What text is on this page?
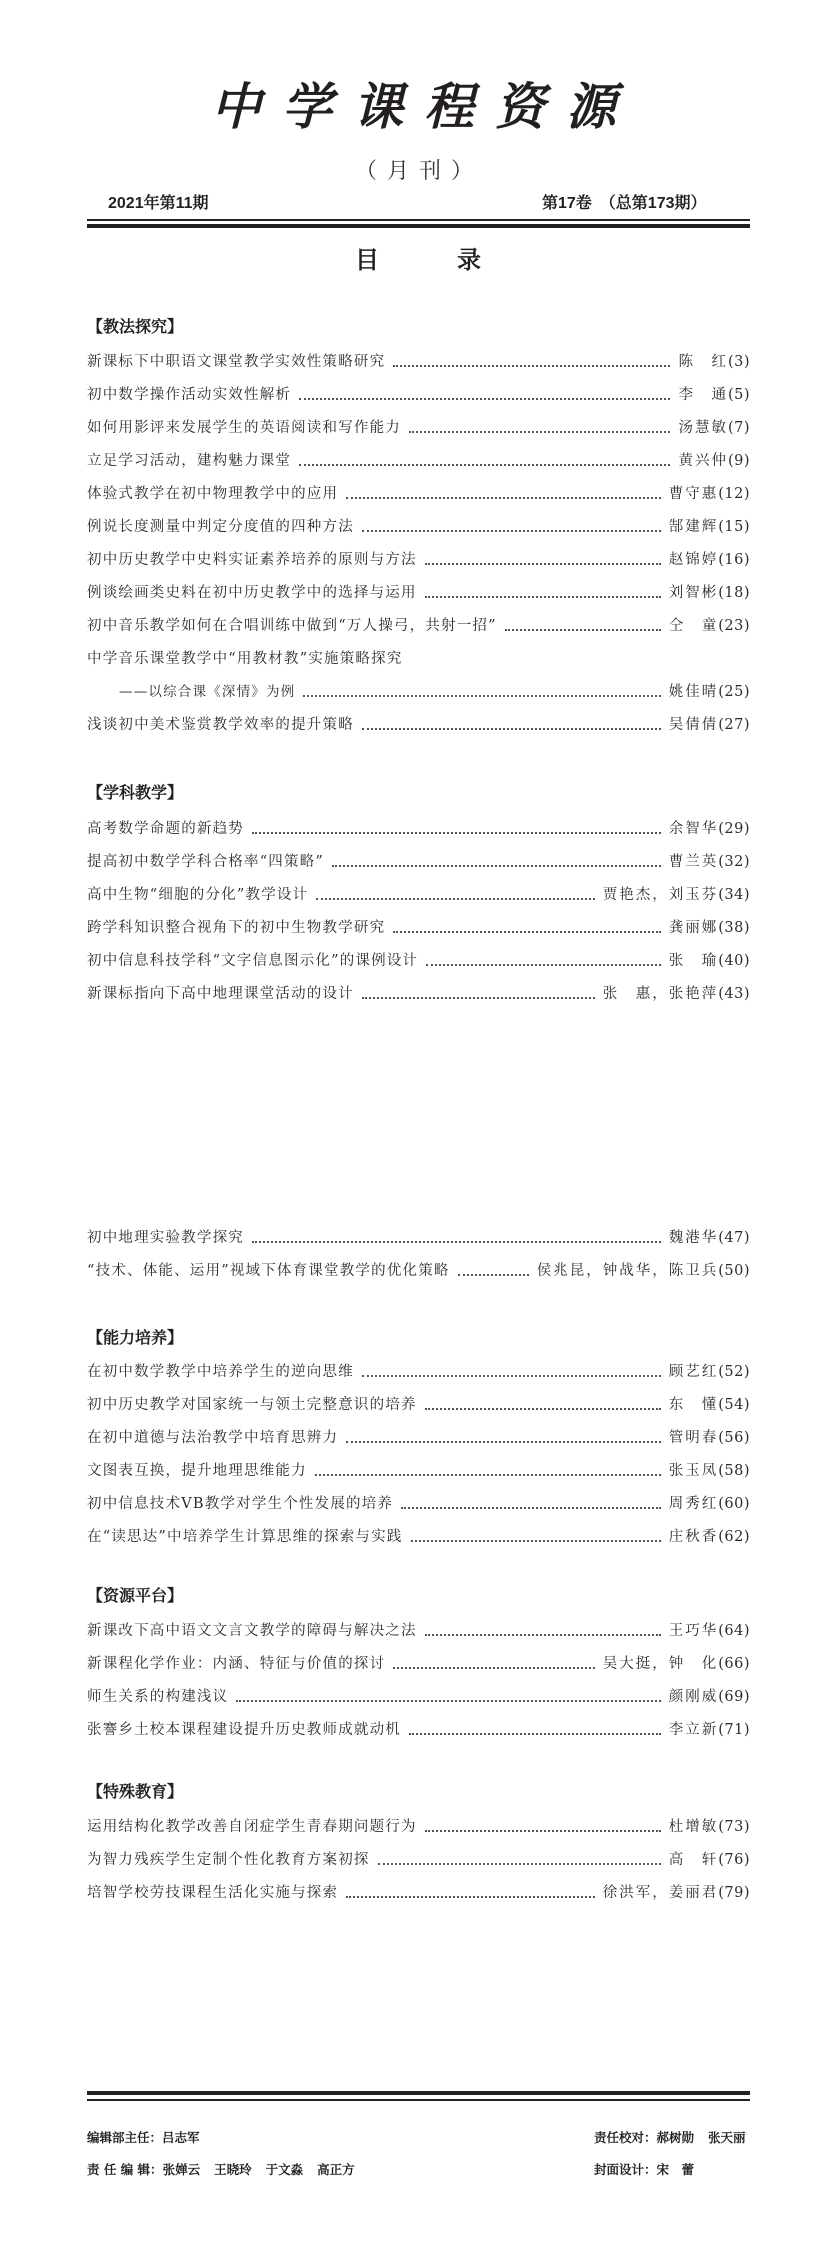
中学课程资源
（月刊）
2021年第11期	第17卷　（总第173期）
目	录
【教法探究】
新课标下中职语文课堂教学实效性策略研究	陈　红 (3)
初中数学操作活动实效性解析	李　通 (5)
如何用影评来发展学生的英语阅读和写作能力	汤慧敏 (7)
立足学习活动，建构魅力课堂	黄兴仲 (9)
体验式教学在初中物理教学中的应用	曹守惠 (12)
例说长度测量中判定分度值的四种方法	郜建辉 (15)
初中历史教学中史料实证素养培养的原则与方法	赵锦婷 (16)
例谈绘画类史料在初中历史教学中的选择与运用	刘智彬 (18)
初中音乐教学如何在合唱训练中做到“万人操弓，共射一招”	仝　童 (23)
中学音乐课堂教学中“用教材教”实施策略探究
——以综合课《深情》为例	姚佳晴 (25)
浅谈初中美术鉴赏教学效率的提升策略	吴倩倩 (27)
【学科教学】
高考数学命题的新趋势	余智华 (29)
提高初中数学学科合格率“四策略”	曹兰英 (32)
高中生物“细胞的分化”教学设计	贾艳杰，刘玉芬 (34)
跨学科知识整合视角下的初中生物教学研究	龚丽娜 (38)
初中信息科技学科“文字信息图示化”的课例设计	张　瑜 (40)
新课标指向下高中地理课堂活动的设计	张　惠，张艳萍 (43)
初中地理实验教学探究	魏港华 (47)
“技术、体能、运用”视域下体育课堂教学的优化策略	侯兆昆，钟战华，陈卫兵 (50)
【能力培养】
在初中数学教学中培养学生的逆向思维	顾艺红 (52)
初中历史教学对国家统一与领土完整意识的培养	东　懂 (54)
在初中道德与法治教学中培育思辨力	管明春 (56)
文图表互换，提升地理思维能力	张玉凤 (58)
初中信息技术VB教学对学生个性发展的培养	周秀红 (60)
在“读思达”中培养学生计算思维的探索与实践	庄秋香 (62)
【资源平台】
新课改下高中语文文言文教学的障碍与解决之法	王巧华 (64)
新课程化学作业：内涵、特征与价值的探讨	吴大挺，钟　化 (66)
师生关系的构建浅议	颜刚威 (69)
张謇乡土校本课程建设提升历史教师成就动机	李立新 (71)
【特殊教育】
运用结构化教学改善自闭症学生青春期问题行为	杜增敏 (73)
为智力残疾学生定制个性化教育方案初探	高　轩 (76)
培智学校劳技课程生活化实施与探索	徐洪军，姜丽君 (79)
编辑部主任：吕志军
责 任 编 辑：张婵云 王晓玲 于文淼 高正方
责任校对：郝树勋 张天丽
封面设计：宋　蕾
